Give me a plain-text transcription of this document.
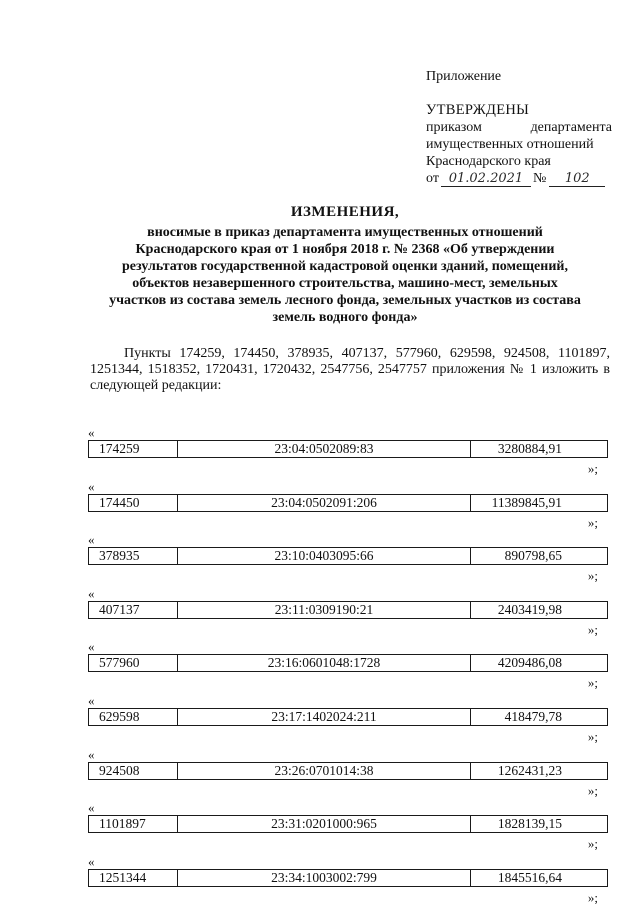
Приложение
УТВЕРЖДЕНЫ
приказом	департамента
имущественных отношений
Краснодарского края
от 01.02.2021 №	102
ИЗМЕНЕНИЯ,
вносимые в приказ департамента имущественных отношений
Краснодарского края от 1 ноября 2018 г. № 2368 «Об утверждении
результатов государственной кадастровой оценки зданий, помещений,
объектов незавершенного строительства, машино-мест, земельных
участков из состава земель лесного фонда, земельных участков из состава
земель водного фонда»
Пункты 174259, 174450, 378935, 407137, 577960, 629598, 924508, 1101897, 1251344, 1518352, 1720431, 1720432, 2547756, 2547757 приложения № 1 изложить в следующей редакции:
«
174259	23:04:0502089:83	3280884,91
»;
«
174450	23:04:0502091:206	11389845,91
»;
«
378935	23:10:0403095:66	890798,65
»;
«
407137	23:11:0309190:21	2403419,98
»;
«
577960	23:16:0601048:1728	4209486,08
»;
«
629598	23:17:1402024:211	418479,78
»;
«
924508	23:26:0701014:38	1262431,23
»;
«
1101897	23:31:0201000:965	1828139,15
»;
«
1251344	23:34:1003002:799	1845516,64
»;
